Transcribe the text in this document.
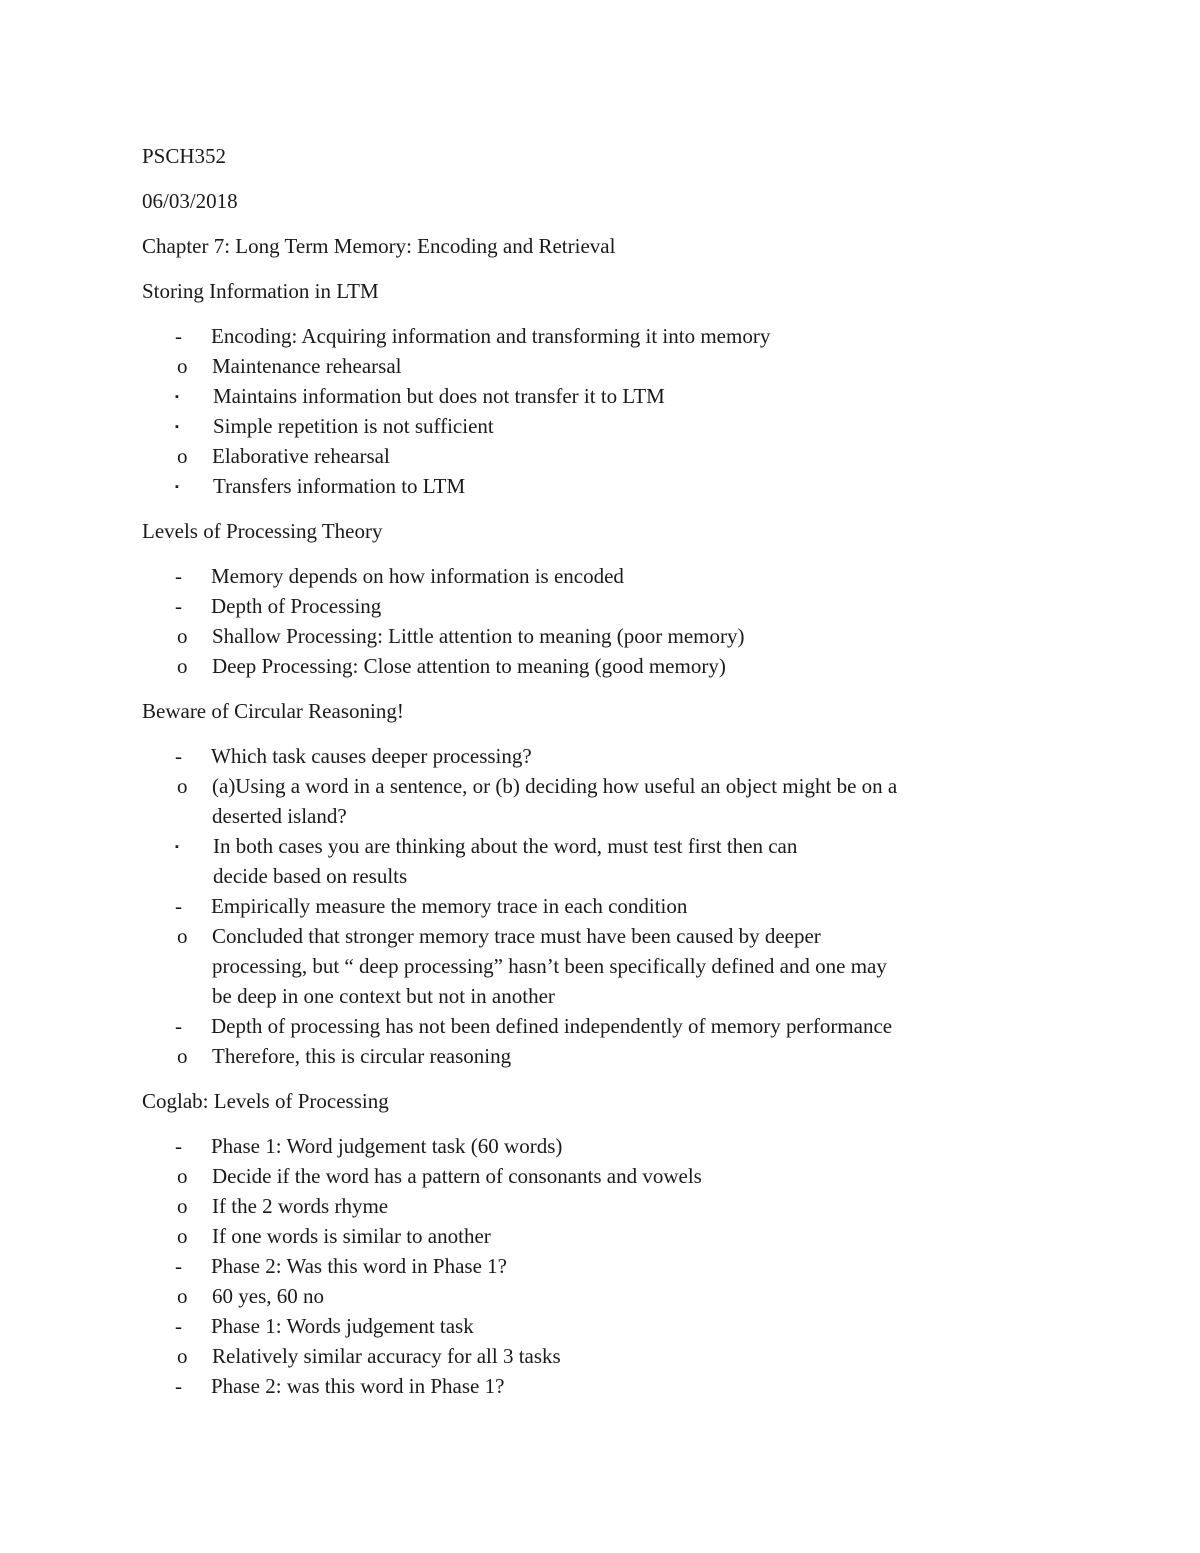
PSCH352
06/03/2018
Chapter 7: Long Term Memory: Encoding and Retrieval
Storing Information in LTM
- Encoding: Acquiring information and transforming it into memory
o Maintenance rehearsal
▪ Maintains information but does not transfer it to LTM
▪ Simple repetition is not sufficient
o Elaborative rehearsal
▪ Transfers information to LTM
Levels of Processing Theory
- Memory depends on how information is encoded
- Depth of Processing
o Shallow Processing: Little attention to meaning (poor memory)
o Deep Processing: Close attention to meaning (good memory)
Beware of Circular Reasoning!
- Which task causes deeper processing?
o (a)Using a word in a sentence, or (b) deciding how useful an object might be on a
deserted island?
▪ In both cases you are thinking about the word, must test first then can
decide based on results
- Empirically measure the memory trace in each condition
o Concluded that stronger memory trace must have been caused by deeper
processing, but “ deep processing” hasn’t been specifically defined and one may
be deep in one context but not in another
- Depth of processing has not been defined independently of memory performance
o Therefore, this is circular reasoning
Coglab: Levels of Processing
- Phase 1: Word judgement task (60 words)
o Decide if the word has a pattern of consonants and vowels
o If the 2 words rhyme
o If one words is similar to another
- Phase 2: Was this word in Phase 1?
o 60 yes, 60 no
- Phase 1: Words judgement task
o Relatively similar accuracy for all 3 tasks
- Phase 2: was this word in Phase 1?
